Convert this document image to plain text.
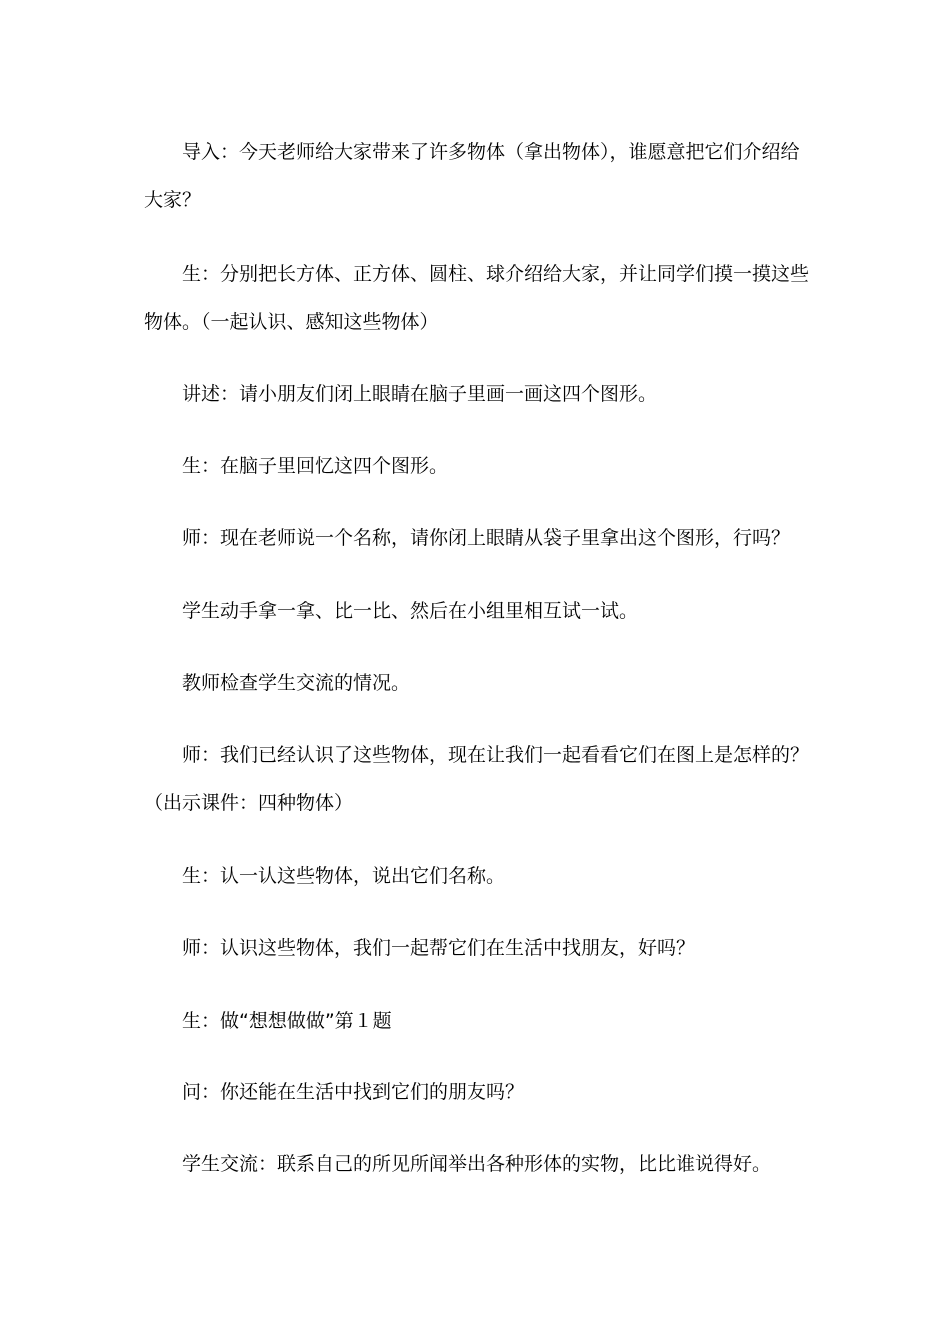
导入：今天老师给大家带来了许多物体（拿出物体），谁愿意把它们介绍给大家？

生：分别把长方体、正方体、圆柱、球介绍给大家，并让同学们摸一摸这些物体。（一起认识、感知这些物体）

讲述：请小朋友们闭上眼睛在脑子里画一画这四个图形。

生：在脑子里回忆这四个图形。

师：现在老师说一个名称，请你闭上眼睛从袋子里拿出这个图形，行吗？

学生动手拿一拿、比一比、然后在小组里相互试一试。

教师检查学生交流的情况。

师：我们已经认识了这些物体，现在让我们一起看看它们在图上是怎样的？（出示课件：四种物体）

生：认一认这些物体，说出它们名称。

师：认识这些物体，我们一起帮它们在生活中找朋友，好吗？

生：做“想想做做”第１题

问：你还能在生活中找到它们的朋友吗？

学生交流：联系自己的所见所闻举出各种形体的实物，比比谁说得好。
